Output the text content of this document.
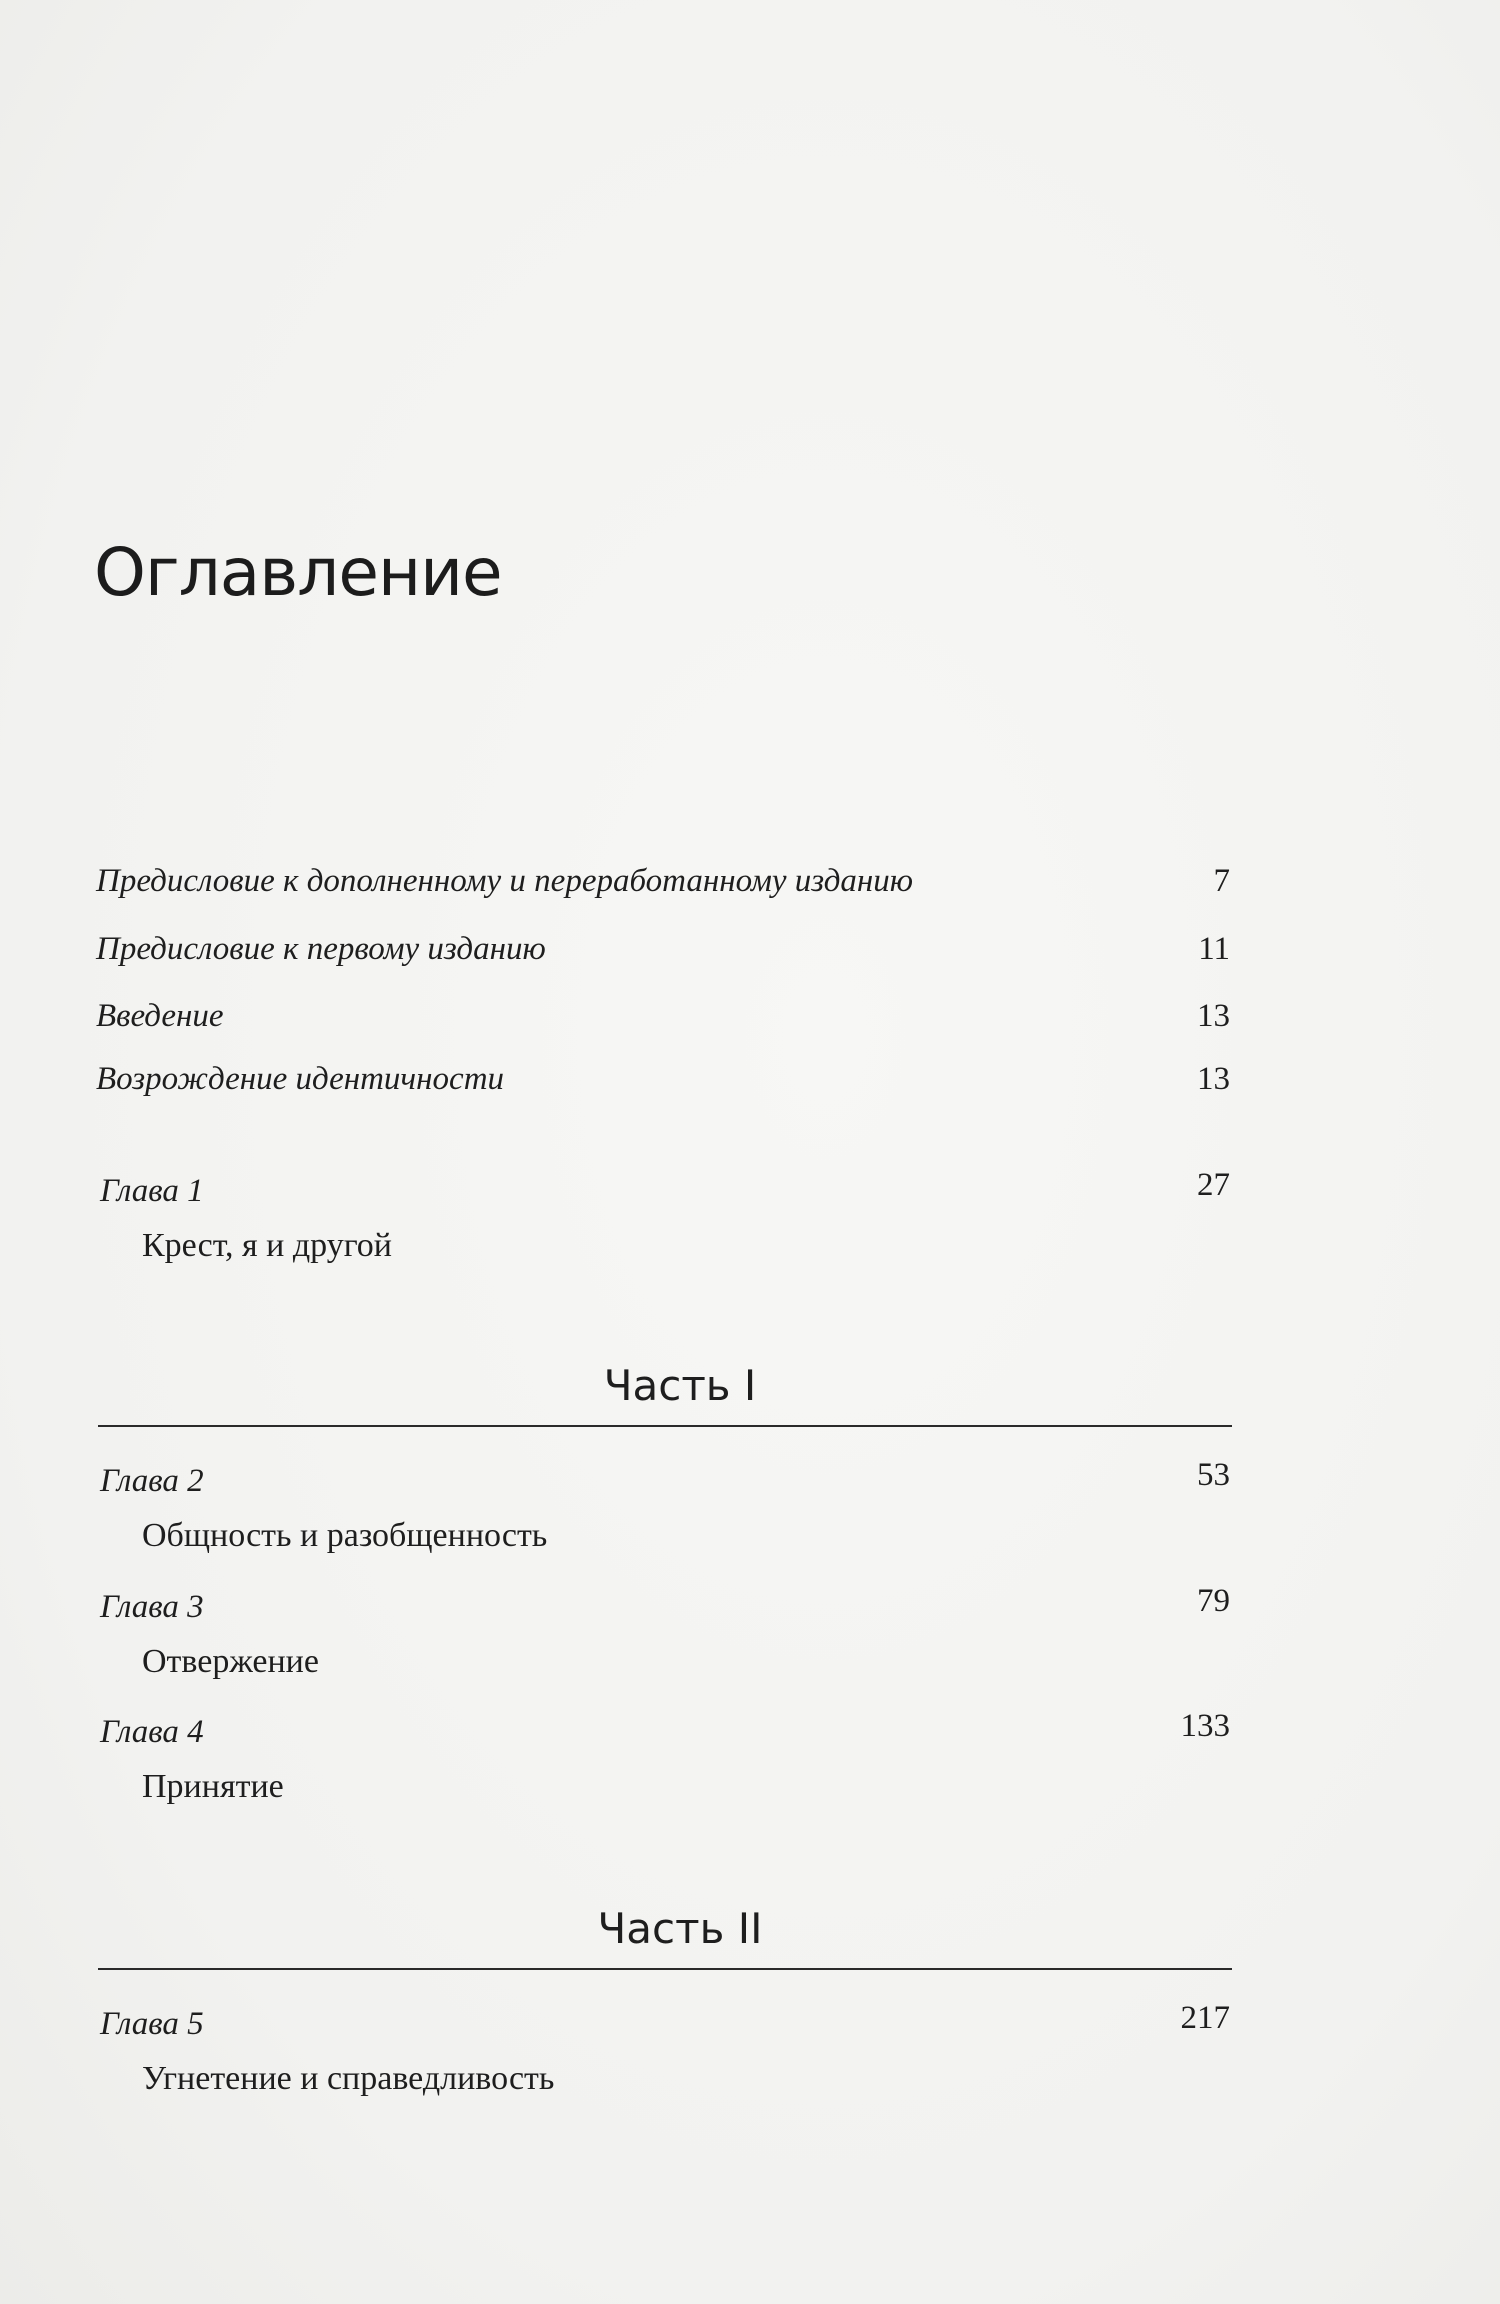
Оглавление
Предисловие к дополненному и переработанному изданию	7
Предисловие к первому изданию	11
Введение	13
Возрождение идентичности	13
Глава 1	27
Крест, я и другой
Часть I
Глава 2	53
Общность и разобщенность
Глава 3	79
Отвержение
Глава 4	133
Принятие
Часть II
Глава 5	217
Угнетение и справедливость
